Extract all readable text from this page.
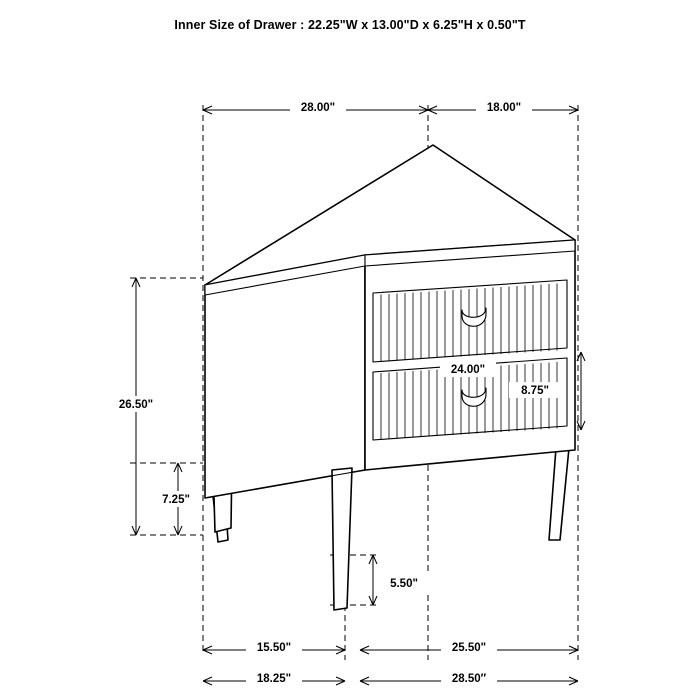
Inner Size of Drawer : 22.25"W x 13.00"D x 6.25"H x 0.50"T
28.00"	18.00"
26.50"
7.25"
24.00"
8.75"
5.50"
15.50"	25.50"
18.25"	28.50″
